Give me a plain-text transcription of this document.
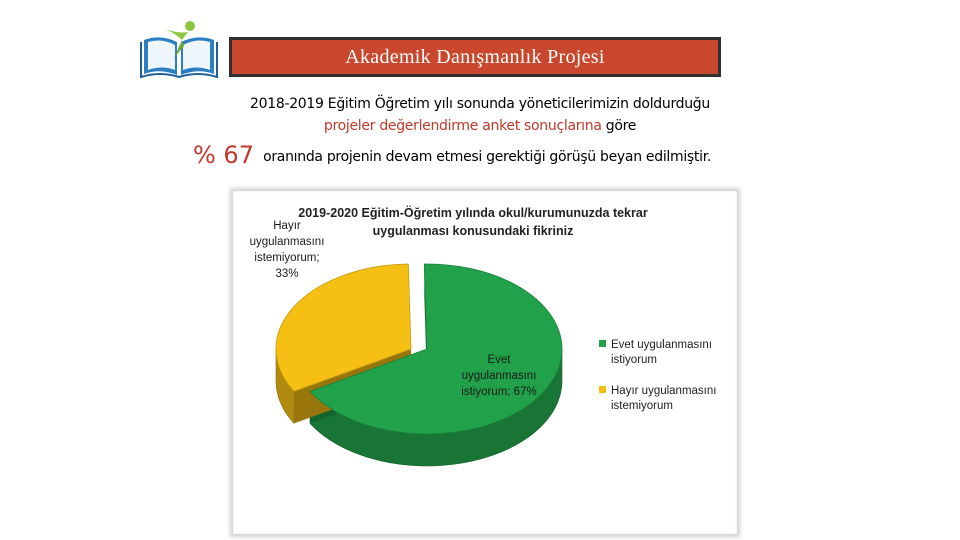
Akademik Danışmanlık Projesi
2018-2019 Eğitim Öğretim yılı sonunda yöneticilerimizin doldurduğu
projeler değerlendirme anket sonuçlarına göre
% 67 oranında projenin devam etmesi gerektiği görüşü beyan edilmiştir.
2019-2020 Eğitim-Öğretim yılında okul/kurumunuzda tekrar
uygulanması konusundaki fikriniz
Evet
uygulanmasını
istiyorum; 67%
Hayır
uygulanmasını
istemiyorum;
33%
Evet uygulanmasını
istiyorum
Hayır uygulanmasını
istemiyorum
